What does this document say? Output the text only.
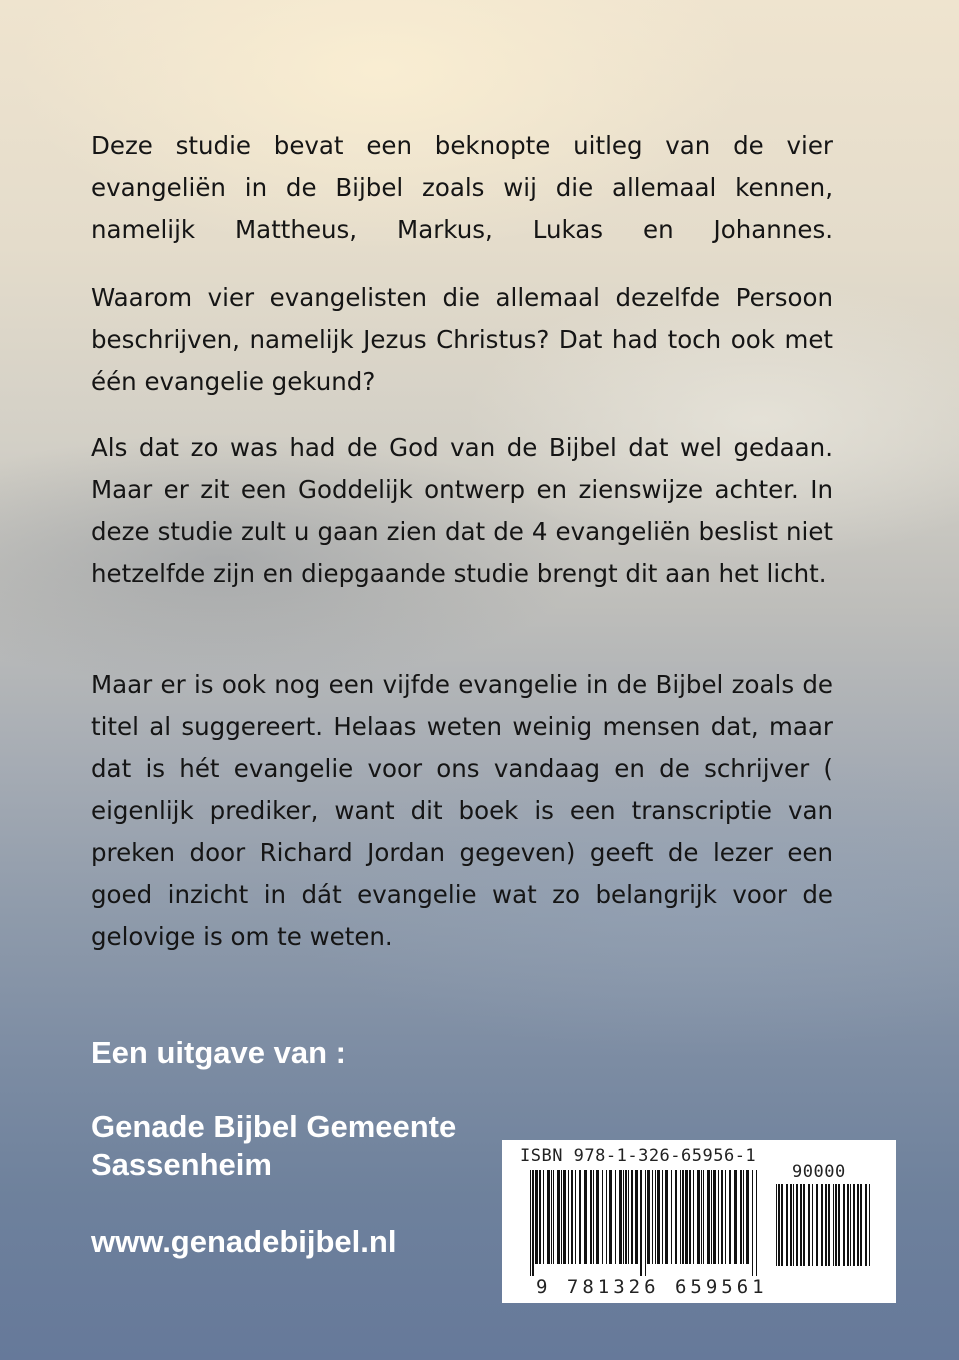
Deze studie bevat een beknopte uitleg van de vier evangeliën in de Bijbel zoals wij die allemaal kennen, namelijk Mattheus, Markus, Lukas en Johannes.

Waarom vier evangelisten die allemaal dezelfde Persoon beschrijven, namelijk Jezus Christus? Dat had toch ook met één evangelie gekund?

Als dat zo was had de God van de Bijbel dat wel gedaan. Maar er zit een Goddelijk ontwerp en zienswijze achter. In deze studie zult u gaan zien dat de 4 evangeliën beslist niet hetzelfde zijn en diepgaande studie brengt dit aan het licht.

Maar er is ook nog een vijfde evangelie in de Bijbel zoals de titel al suggereert. Helaas weten weinig mensen dat, maar dat is hét evangelie voor ons vandaag en de schrijver ( eigenlijk prediker, want dit boek is een transcriptie van preken door Richard Jordan gegeven) geeft de lezer een goed inzicht in dát evangelie wat zo belangrijk voor de gelovige is om te weten.

Een uitgave van :

Genade Bijbel Gemeente Sassenheim

www.genadebijbel.nl

ISBN 978-1-326-65956-1

90000

9 781326 659561
